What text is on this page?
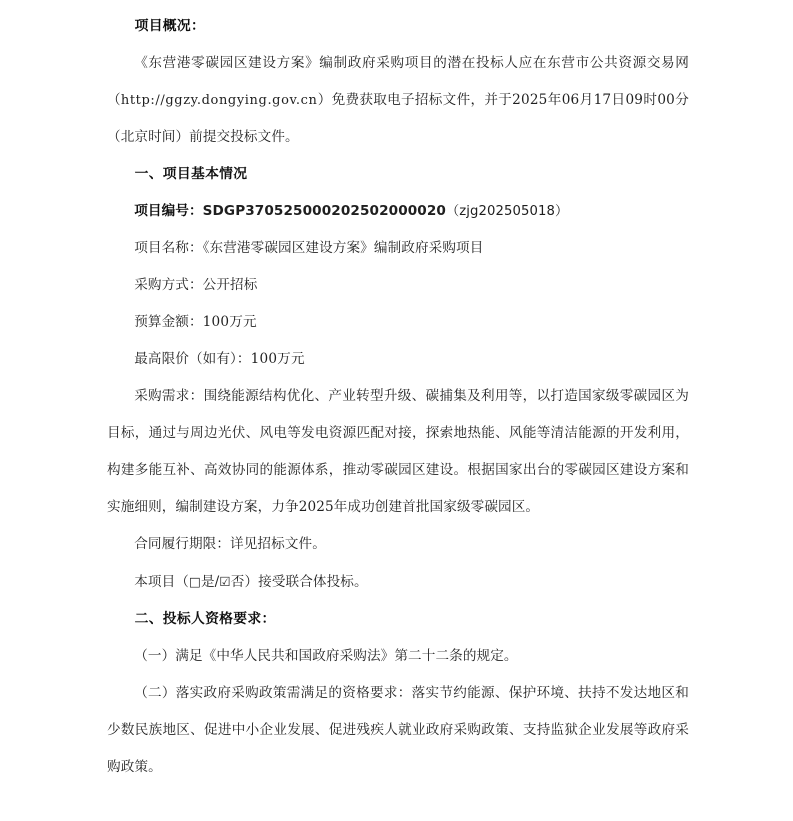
项目概况：

《东营港零碳园区建设方案》编制政府采购项目的潜在投标人应在东营市公共资源交易网（http://ggzy.dongying.gov.cn）免费获取电子招标文件，并于2025年06月17日09时00分（北京时间）前提交投标文件。

一、项目基本情况

项目编号：SDGP370525000202502000020（zjg202505018）

项目名称：《东营港零碳园区建设方案》编制政府采购项目

采购方式：公开招标

预算金额：100万元

最高限价（如有）：100万元

采购需求：围绕能源结构优化、产业转型升级、碳捕集及利用等，以打造国家级零碳园区为目标，通过与周边光伏、风电等发电资源匹配对接，探索地热能、风能等清洁能源的开发利用，构建多能互补、高效协同的能源体系，推动零碳园区建设。根据国家出台的零碳园区建设方案和实施细则，编制建设方案，力争2025年成功创建首批国家级零碳园区。

合同履行期限：详见招标文件。

本项目（□是/☑否）接受联合体投标。

二、投标人资格要求：

（一）满足《中华人民共和国政府采购法》第二十二条的规定。

（二）落实政府采购政策需满足的资格要求：落实节约能源、保护环境、扶持不发达地区和少数民族地区、促进中小企业发展、促进残疾人就业政府采购政策、支持监狱企业发展等政府采购政策。
